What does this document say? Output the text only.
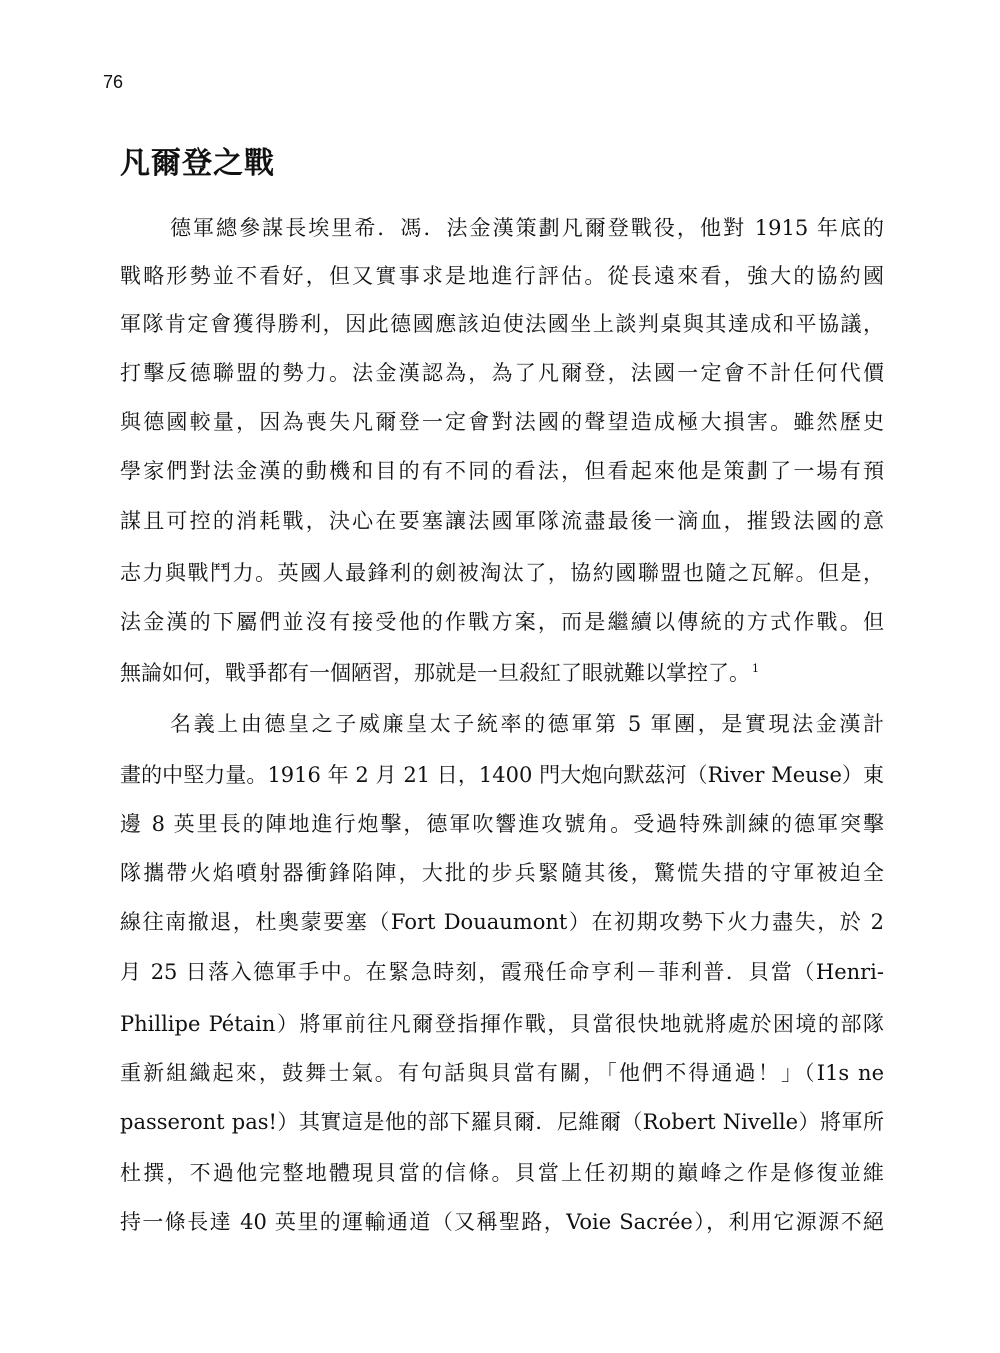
76
凡爾登之戰
德軍總參謀長埃里希．馮．法金漢策劃凡爾登戰役，他對 1915 年底的
戰略形勢並不看好，但又實事求是地進行評估。從長遠來看，強大的協約國
軍隊肯定會獲得勝利，因此德國應該迫使法國坐上談判桌與其達成和平協議，
打擊反德聯盟的勢力。法金漢認為，為了凡爾登，法國一定會不計任何代價
與德國較量，因為喪失凡爾登一定會對法國的聲望造成極大損害。雖然歷史
學家們對法金漢的動機和目的有不同的看法，但看起來他是策劃了一場有預
謀且可控的消耗戰，決心在要塞讓法國軍隊流盡最後一滴血，摧毀法國的意
志力與戰鬥力。英國人最鋒利的劍被淘汰了，協約國聯盟也隨之瓦解。但是，
法金漢的下屬們並沒有接受他的作戰方案，而是繼續以傳統的方式作戰。但
無論如何，戰爭都有一個陋習，那就是一旦殺紅了眼就難以掌控了。 $^1$
名義上由德皇之子威廉皇太子統率的德軍第 5 軍團，是實現法金漢計
畫的中堅力量。1916 年 2 月 21 日，1400 門大炮向默茲河（River Meuse）東
邊 8 英里長的陣地進行炮擊，德軍吹響進攻號角。受過特殊訓練的德軍突擊
隊攜帶火焰噴射器衝鋒陷陣，大批的步兵緊隨其後，驚慌失措的守軍被迫全
線往南撤退，杜奧蒙要塞（Fort Douaumont）在初期攻勢下火力盡失，於 2
月 25 日落入德軍手中。在緊急時刻，霞飛任命亨利－菲利普．貝當（Henri-
Phillipe Pétain）將軍前往凡爾登指揮作戰，貝當很快地就將處於困境的部隊
重新組織起來，鼓舞士氣。有句話與貝當有關，「他們不得通過！」（I1s ne
passeront pas!）其實這是他的部下羅貝爾．尼維爾（Robert Nivelle）將軍所
杜撰，不過他完整地體現貝當的信條。貝當上任初期的巔峰之作是修復並維
持一條長達 40 英里的運輸通道（又稱聖路，Voie Sacrée），利用它源源不絕
